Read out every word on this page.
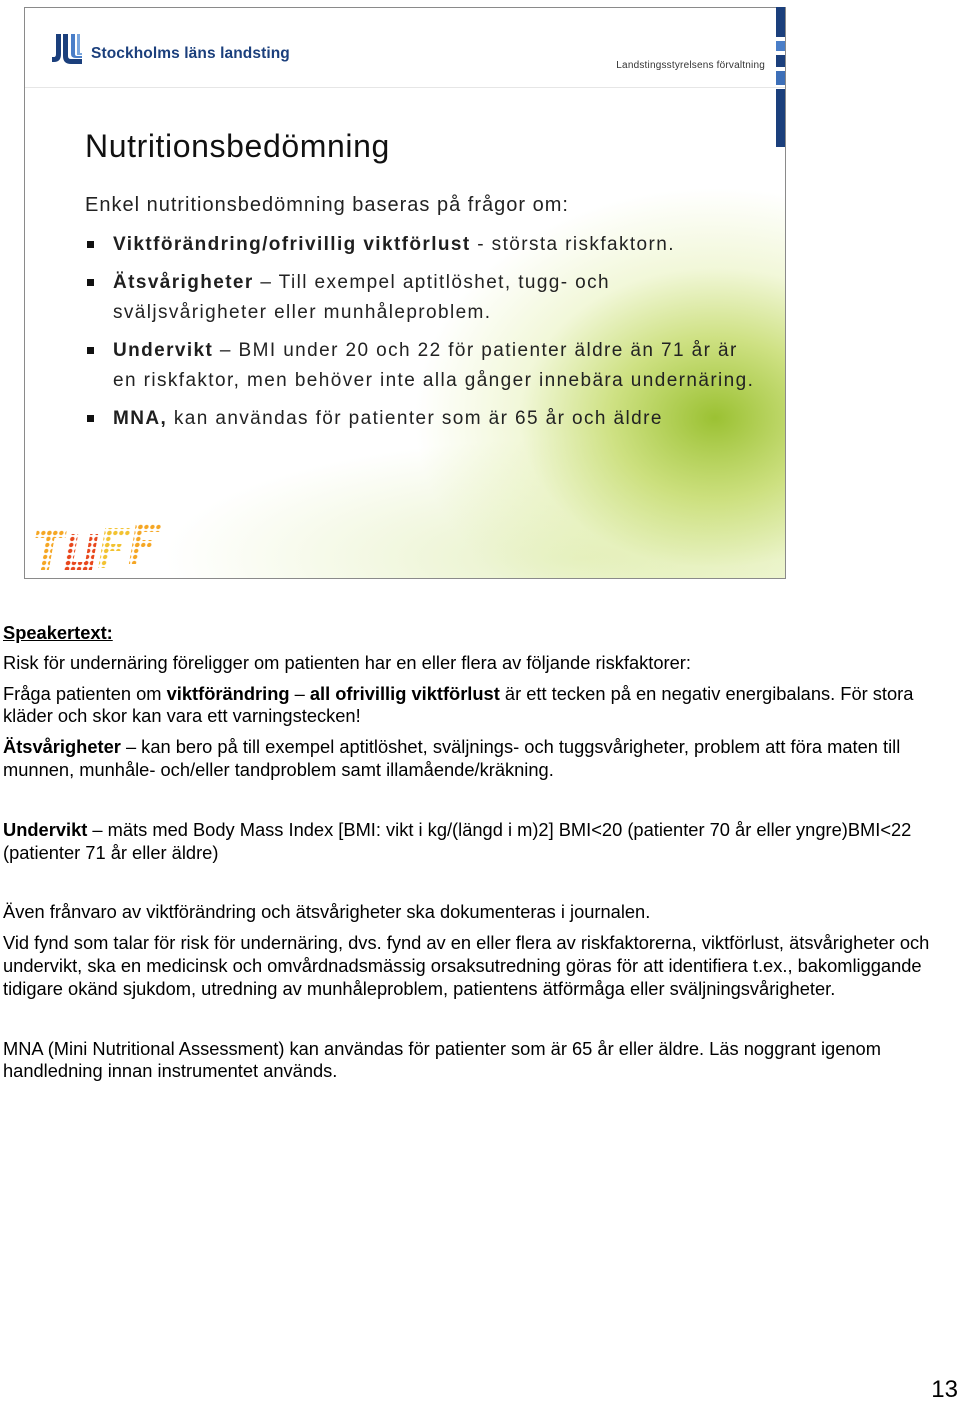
Stockholms läns landsting
Landstingsstyrelsens förvaltning
Nutritionsbedömning
Enkel nutritionsbedömning baseras på frågor om:
Viktförändring/ofrivillig viktförlust - största riskfaktorn.
Ätsvårigheter – Till exempel aptitlöshet, tugg- och sväljsvårigheter eller munhåleproblem.
Undervikt – BMI under 20 och 22 för patienter äldre än 71 år är en riskfaktor, men behöver inte alla gånger innebära undernäring.
MNA, kan användas för patienter som är 65 år och äldre

Speakertext:

Risk för undernäring föreligger om patienten har en eller flera av följande riskfaktorer:

Fråga patienten om viktförändring – all ofrivillig viktförlust är ett tecken på en negativ energibalans. För stora kläder och skor kan vara ett varningstecken!

Ätsvårigheter – kan bero på till exempel aptitlöshet, sväljnings- och tuggsvårigheter, problem att föra maten till munnen, munhåle- och/eller tandproblem samt illamående/kräkning.

Undervikt – mäts med Body Mass Index [BMI: vikt i kg/(längd i m)2] BMI<20 (patienter 70 år eller yngre)BMI<22 (patienter 71 år eller äldre)

Även frånvaro av viktförändring och ätsvårigheter ska dokumenteras i journalen.

Vid fynd som talar för risk för undernäring, dvs. fynd av en eller flera av riskfaktorerna, viktförlust, ätsvårigheter och undervikt, ska en medicinsk och omvårdnadsmässig orsaksutredning göras för att identifiera t.ex., bakomliggande tidigare okänd sjukdom, utredning av munhåleproblem, patientens ätförmåga eller sväljningsvårigheter.

MNA (Mini Nutritional Assessment) kan användas för patienter som är 65 år eller äldre. Läs noggrant igenom handledning innan instrumentet används.

13
